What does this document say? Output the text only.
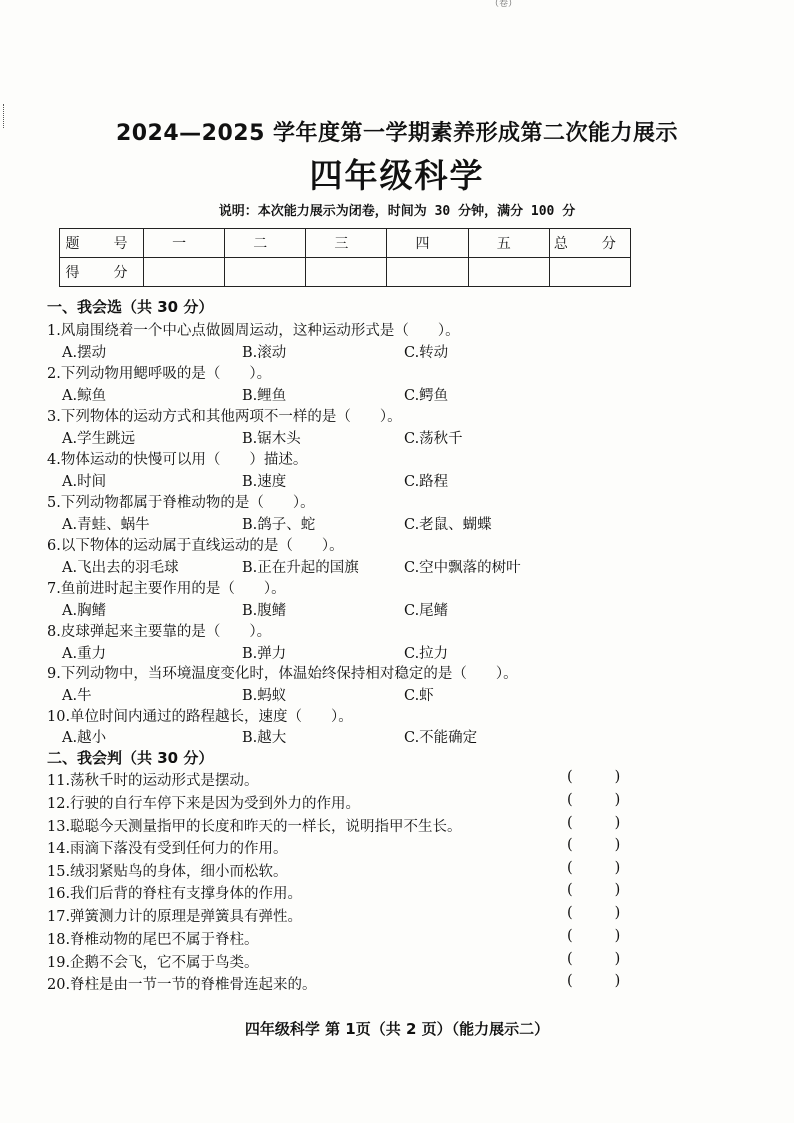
（卷）
2024—2025 学年度第一学期素养形成第二次能力展示
四年级科学
说明：本次能力展示为闭卷，时间为 30 分钟，满分 100 分
题　号	一	二	三	四	五	总　分
得　分						
一、我会选（共 30 分）
1.风扇围绕着一个中心点做圆周运动，这种运动形式是（　　）。
A.摆动	B.滚动	C.转动
2.下列动物用鳃呼吸的是（　　）。
A.鲸鱼	B.鲤鱼	C.鳄鱼
3.下列物体的运动方式和其他两项不一样的是（　　）。
A.学生跳远	B.锯木头	C.荡秋千
4.物体运动的快慢可以用（　　）描述。
A.时间	B.速度	C.路程
5.下列动物都属于脊椎动物的是（　　）。
A.青蛙、蜗牛	B.鸽子、蛇	C.老鼠、蝴蝶
6.以下物体的运动属于直线运动的是（　　）。
A.飞出去的羽毛球	B.正在升起的国旗	C.空中飘落的树叶
7.鱼前进时起主要作用的是（　　）。
A.胸鳍	B.腹鳍	C.尾鳍
8.皮球弹起来主要靠的是（　　）。
A.重力	B.弹力	C.拉力
9.下列动物中，当环境温度变化时，体温始终保持相对稳定的是（　　）。
A.牛	B.蚂蚁	C.虾
10.单位时间内通过的路程越长，速度（　　）。
A.越小	B.越大	C.不能确定
二、我会判（共 30 分）
11.荡秋千时的运动形式是摆动。	(	)
12.行驶的自行车停下来是因为受到外力的作用。	(	)
13.聪聪今天测量指甲的长度和昨天的一样长，说明指甲不生长。	(	)
14.雨滴下落没有受到任何力的作用。	(	)
15.绒羽紧贴鸟的身体，细小而松软。	(	)
16.我们后背的脊柱有支撑身体的作用。	(	)
17.弹簧测力计的原理是弹簧具有弹性。	(	)
18.脊椎动物的尾巴不属于脊柱。	(	)
19.企鹅不会飞，它不属于鸟类。	(	)
20.脊柱是由一节一节的脊椎骨连起来的。	(	)
四年级科学 第 1页（共 2 页）（能力展示二）
